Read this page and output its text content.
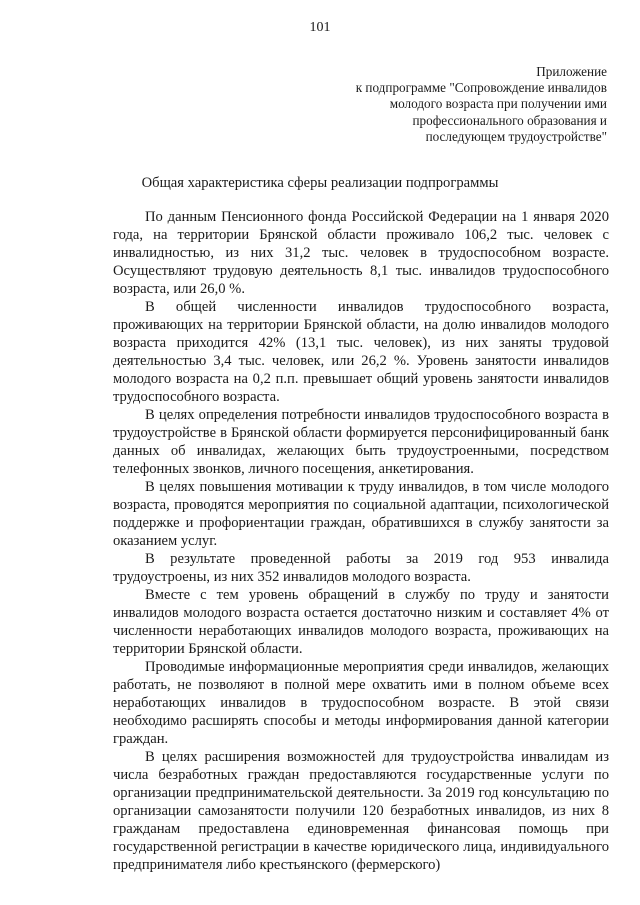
101
Приложение
к подпрограмме "Сопровождение инвалидов
молодого возраста при получении ими
профессионального образования и
последующем трудоустройстве"
Общая характеристика сферы реализации подпрограммы

По данным Пенсионного фонда Российской Федерации на 1 января 2020 года, на территории Брянской области проживало 106,2 тыс. человек с инвалидностью, из них 31,2 тыс. человек в трудоспособном возрасте. Осуществляют трудовую деятельность 8,1 тыс. инвалидов трудоспособного возраста, или 26,0 %.

В общей численности инвалидов трудоспособного возраста, проживающих на территории Брянской области, на долю инвалидов молодого возраста приходится 42% (13,1 тыс. человек), из них заняты трудовой деятельностью 3,4 тыс. человек, или 26,2 %. Уровень занятости инвалидов молодого возраста на 0,2 п.п. превышает общий уровень занятости инвалидов трудоспособного возраста.

В целях определения потребности инвалидов трудоспособного возраста в трудоустройстве в Брянской области формируется персонифицированный банк данных об инвалидах, желающих быть трудоустроенными, посредством телефонных звонков, личного посещения, анкетирования.

В целях повышения мотивации к труду инвалидов, в том числе молодого возраста, проводятся мероприятия по социальной адаптации, психологической поддержке и профориентации граждан, обратившихся в службу занятости за оказанием услуг.

В результате проведенной работы за 2019 год 953 инвалида трудоустроены, из них 352 инвалидов молодого возраста.

Вместе с тем уровень обращений в службу по труду и занятости инвалидов молодого возраста остается достаточно низким и составляет 4% от численности неработающих инвалидов молодого возраста, проживающих на территории Брянской области.

Проводимые информационные мероприятия среди инвалидов, желающих работать, не позволяют в полной мере охватить ими в полном объеме всех неработающих инвалидов в трудоспособном возрасте. В этой связи необходимо расширять способы и методы информирования данной категории граждан.

В целях расширения возможностей для трудоустройства инвалидам из числа безработных граждан предоставляются государственные услуги по организации предпринимательской деятельности. За 2019 год консультацию по организации самозанятости получили 120 безработных инвалидов, из них 8 гражданам предоставлена единовременная финансовая помощь при государственной регистрации в качестве юридического лица, индивидуального предпринимателя либо крестьянского (фермерского)
